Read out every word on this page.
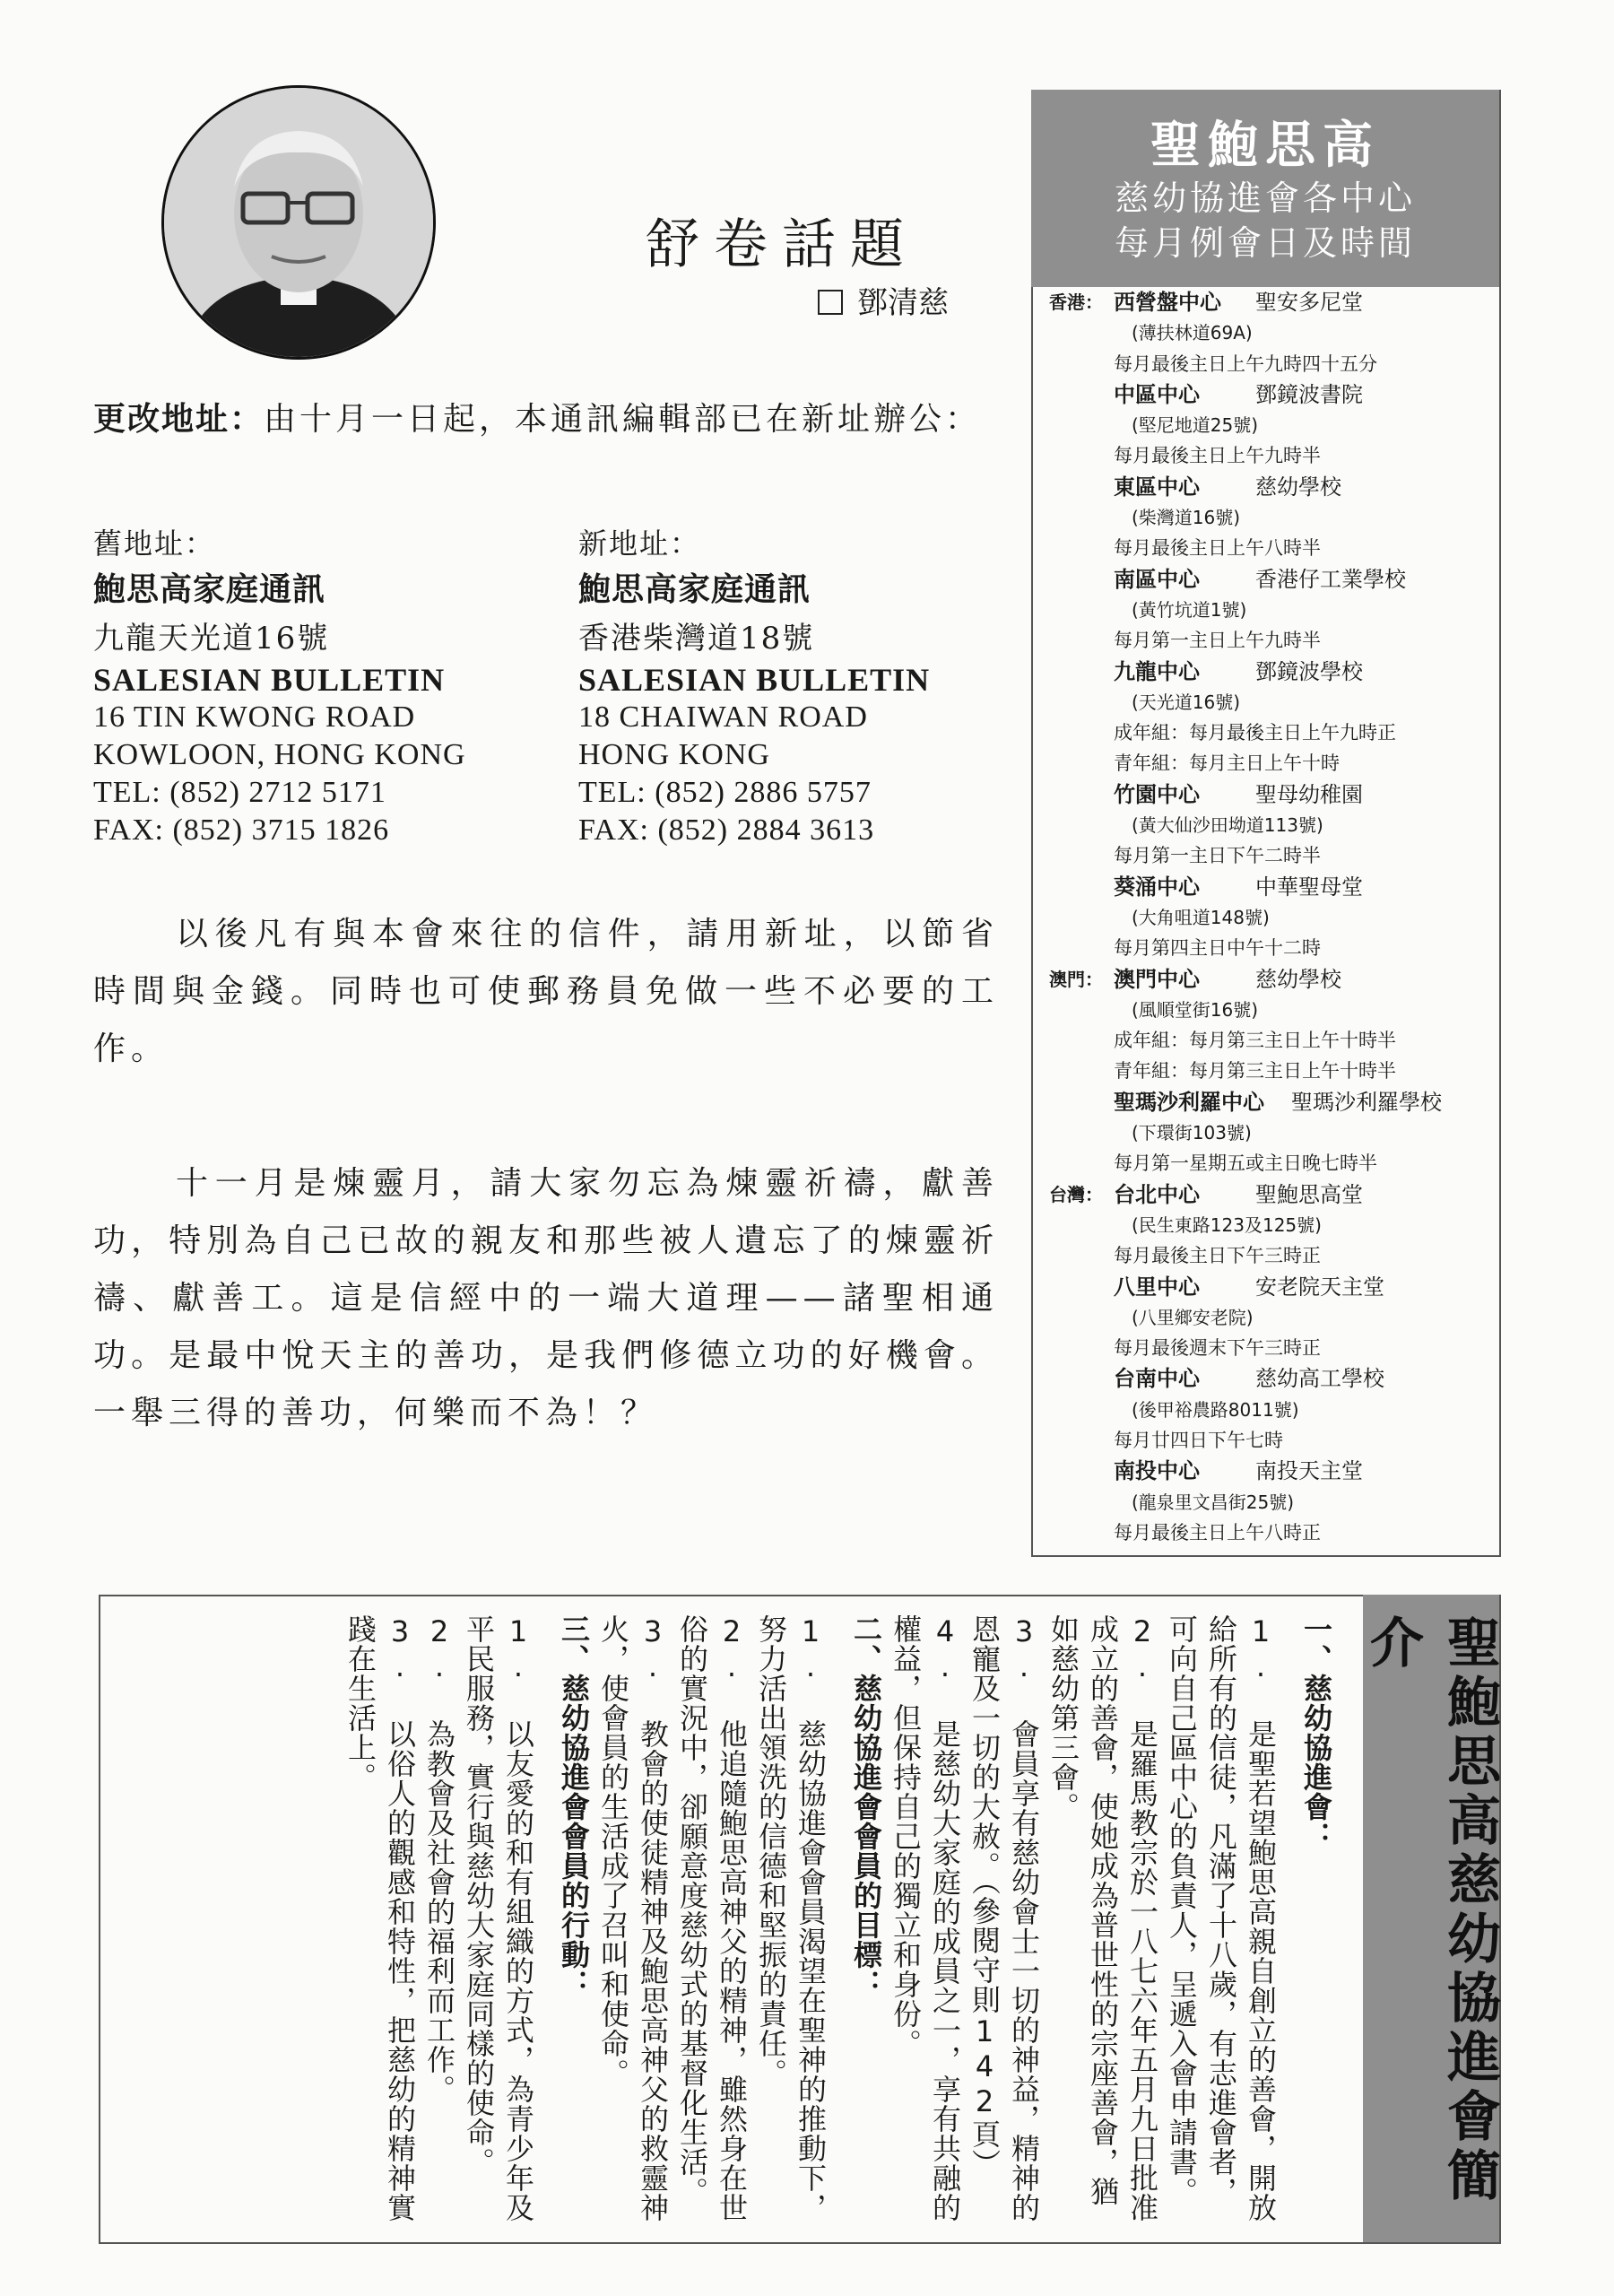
舒卷話題
鄧清慈
更改地址：由十月一日起，本通訊編輯部已在新址辦公：
舊地址：
鮑思高家庭通訊
九龍天光道16號
SALESIAN BULLETIN
16 TIN KWONG ROAD
KOWLOON, HONG KONG
TEL: (852) 2712 5171
FAX: (852) 3715 1826
新地址：
鮑思高家庭通訊
香港柴灣道18號
SALESIAN BULLETIN
18 CHAIWAN ROAD
HONG KONG
TEL: (852) 2886 5757
FAX: (852) 2884 3613
以後凡有與本會來往的信件，請用新址，以節省時間與金錢。同時也可使郵務員免做一些不必要的工作。
十一月是煉靈月，請大家勿忘為煉靈祈禱，獻善功，特別為自己已故的親友和那些被人遺忘了的煉靈祈禱、獻善工。這是信經中的一端大道理——諸聖相通功。是最中悅天主的善功，是我們修德立功的好機會。一舉三得的善功，何樂而不為！？
聖鮑思高
慈幼協進會各中心
每月例會日及時間
香港： 西營盤中心 聖安多尼堂
(薄扶林道69A)
每月最後主日上午九時四十五分
中區中心	鄧鏡波書院
(堅尼地道25號)
每月最後主日上午九時半
東區中心	慈幼學校
(柴灣道16號)
每月最後主日上午八時半
南區中心	香港仔工業學校
(黃竹坑道1號)
每月第一主日上午九時半
九龍中心	鄧鏡波學校
(天光道16號)
成年組：每月最後主日上午九時正
青年組：每月主日上午十時
竹園中心	聖母幼稚園
(黃大仙沙田坳道113號)
每月第一主日下午二時半
葵涌中心	中華聖母堂
(大角咀道148號)
每月第四主日中午十二時
澳門： 澳門中心	慈幼學校
(風順堂街16號)
成年組：每月第三主日上午十時半
青年組：每月第三主日上午十時半
聖瑪沙利羅中心 聖瑪沙利羅學校
(下環街103號)
每月第一星期五或主日晚七時半
台灣： 台北中心	聖鮑思高堂
(民生東路123及125號)
每月最後主日下午三時正
八里中心	安老院天主堂
(八里鄉安老院)
每月最後週末下午三時正
台南中心	慈幼高工學校
(後甲裕農路8011號)
每月廿四日下午七時
南投中心	南投天主堂
(龍泉里文昌街25號)
每月最後主日上午八時正
聖鮑思高慈幼協進會簡介
一、慈幼協進會：
1. 是聖若望鮑思高親自創立的善會，開放給所有的信徒，凡滿了十八歲，有志進會者，可向自己區中心的負責人，呈遞入會申請書。
2. 是羅馬教宗於一八七六年五月九日批准成立的善會，使她成為普世性的宗座善會，猶如慈幼第三會。
3. 會員享有慈幼會士一切的神益，精神的恩寵及一切的大赦。（參閱守則142頁）
4. 是慈幼大家庭的成員之一，享有共融的權益，但保持自己的獨立和身份。
二、慈幼協進會會員的目標：
1. 慈幼協進會會員渴望在聖神的推動下，努力活出領洗的信德和堅振的責任。
2. 他追隨鮑思高神父的精神，雖然身在世俗的實況中，卻願意度慈幼式的基督化生活。
3. 教會的使徒精神及鮑思高神父的救靈神火，使會員的生活成了召叫和使命。
三、慈幼協進會會員的行動：
1. 以友愛的和有組織的方式，為青少年及平民服務，實行與慈幼大家庭同樣的使命。
2. 為教會及社會的福利而工作。
3. 以俗人的觀感和特性，把慈幼的精神實踐在生活上。
